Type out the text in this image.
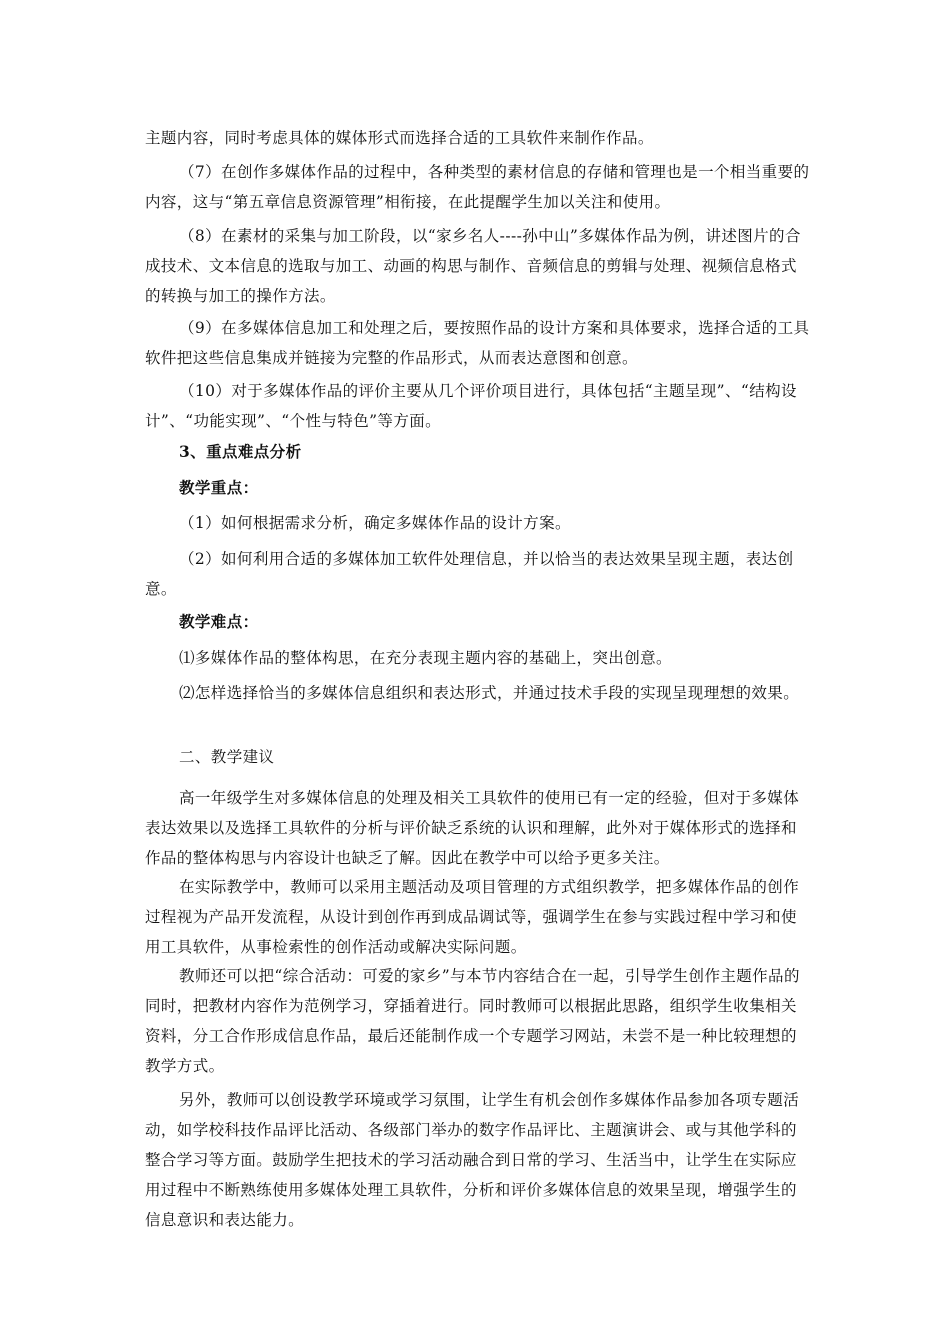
主题内容，同时考虑具体的媒体形式而选择合适的工具软件来制作作品。
（7）在创作多媒体作品的过程中，各种类型的素材信息的存储和管理也是一个相当重要的内容，这与“第五章信息资源管理”相衔接，在此提醒学生加以关注和使用。
（8）在素材的采集与加工阶段，以“家乡名人----孙中山”多媒体作品为例，讲述图片的合成技术、文本信息的选取与加工、动画的构思与制作、音频信息的剪辑与处理、视频信息格式的转换与加工的操作方法。
（9）在多媒体信息加工和处理之后，要按照作品的设计方案和具体要求，选择合适的工具软件把这些信息集成并链接为完整的作品形式，从而表达意图和创意。
（10）对于多媒体作品的评价主要从几个评价项目进行，具体包括“主题呈现”、“结构设计”、“功能实现”、“个性与特色”等方面。
3、重点难点分析
教学重点：
（1）如何根据需求分析，确定多媒体作品的设计方案。
（2）如何利用合适的多媒体加工软件处理信息，并以恰当的表达效果呈现主题，表达创意。
教学难点：
⑴多媒体作品的整体构思，在充分表现主题内容的基础上，突出创意。
⑵怎样选择恰当的多媒体信息组织和表达形式，并通过技术手段的实现呈现理想的效果。
二、教学建议
高一年级学生对多媒体信息的处理及相关工具软件的使用已有一定的经验，但对于多媒体表达效果以及选择工具软件的分析与评价缺乏系统的认识和理解，此外对于媒体形式的选择和作品的整体构思与内容设计也缺乏了解。因此在教学中可以给予更多关注。
在实际教学中，教师可以采用主题活动及项目管理的方式组织教学，把多媒体作品的创作过程视为产品开发流程，从设计到创作再到成品调试等，强调学生在参与实践过程中学习和使用工具软件，从事检索性的创作活动或解决实际问题。
教师还可以把“综合活动：可爱的家乡”与本节内容结合在一起，引导学生创作主题作品的同时，把教材内容作为范例学习，穿插着进行。同时教师可以根据此思路，组织学生收集相关资料，分工合作形成信息作品，最后还能制作成一个专题学习网站，未尝不是一种比较理想的教学方式。
另外，教师可以创设教学环境或学习氛围，让学生有机会创作多媒体作品参加各项专题活动，如学校科技作品评比活动、各级部门举办的数字作品评比、主题演讲会、或与其他学科的整合学习等方面。鼓励学生把技术的学习活动融合到日常的学习、生活当中，让学生在实际应用过程中不断熟练使用多媒体处理工具软件，分析和评价多媒体信息的效果呈现，增强学生的信息意识和表达能力。
